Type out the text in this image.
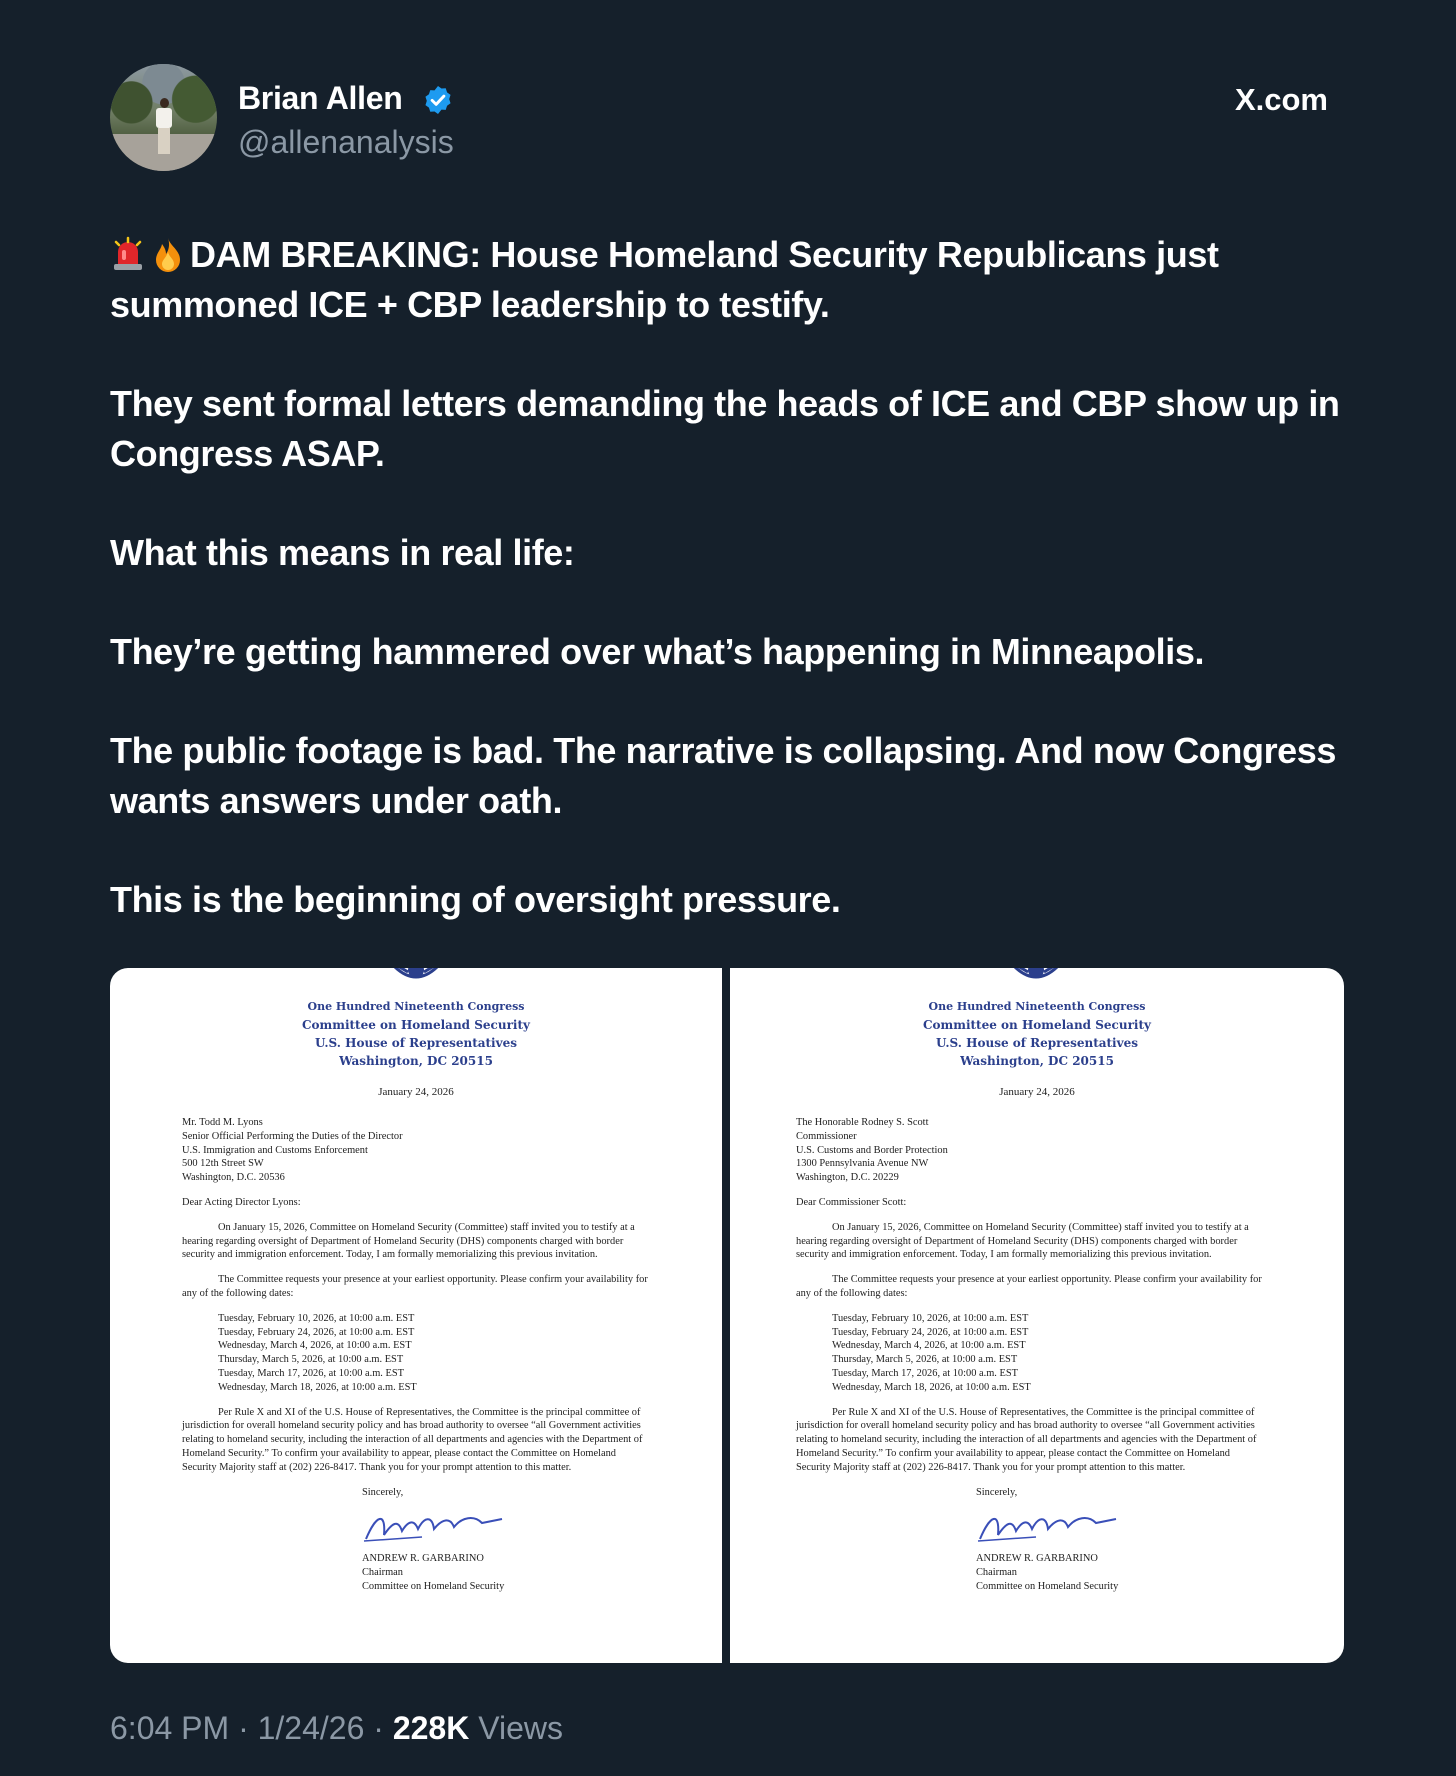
Brian Allen
@allenanalysis
X.com

DAM BREAKING: House Homeland Security Republicans just summoned ICE + CBP leadership to testify.

They sent formal letters demanding the heads of ICE and CBP show up in Congress ASAP.

What this means in real life:

They’re getting hammered over what’s happening in Minneapolis.

The public footage is bad. The narrative is collapsing. And now Congress wants answers under oath.

This is the beginning of oversight pressure.

One Hundred Nineteenth Congress
Committee on Homeland Security
U.S. House of Representatives
Washington, DC 20515
January 24, 2026
Mr. Todd M. Lyons
Senior Official Performing the Duties of the Director
U.S. Immigration and Customs Enforcement
500 12th Street SW
Washington, D.C. 20536
Dear Acting Director Lyons:
On January 15, 2026, Committee on Homeland Security (Committee) staff invited you to testify at a hearing regarding oversight of Department of Homeland Security (DHS) components charged with border security and immigration enforcement. Today, I am formally memorializing this previous invitation.
The Committee requests your presence at your earliest opportunity. Please confirm your availability for any of the following dates:
Tuesday, February 10, 2026, at 10:00 a.m. EST
Tuesday, February 24, 2026, at 10:00 a.m. EST
Wednesday, March 4, 2026, at 10:00 a.m. EST
Thursday, March 5, 2026, at 10:00 a.m. EST
Tuesday, March 17, 2026, at 10:00 a.m. EST
Wednesday, March 18, 2026, at 10:00 a.m. EST
Per Rule X and XI of the U.S. House of Representatives, the Committee is the principal committee of jurisdiction for overall homeland security policy and has broad authority to oversee “all Government activities relating to homeland security, including the interaction of all departments and agencies with the Department of Homeland Security.” To confirm your availability to appear, please contact the Committee on Homeland Security Majority staff at (202) 226-8417. Thank you for your prompt attention to this matter.
Sincerely,
ANDREW R. GARBARINO
Chairman
Committee on Homeland Security
One Hundred Nineteenth Congress
Committee on Homeland Security
U.S. House of Representatives
Washington, DC 20515
January 24, 2026
The Honorable Rodney S. Scott
Commissioner
U.S. Customs and Border Protection
1300 Pennsylvania Avenue NW
Washington, D.C. 20229
Dear Commissioner Scott:
On January 15, 2026, Committee on Homeland Security (Committee) staff invited you to testify at a hearing regarding oversight of Department of Homeland Security (DHS) components charged with border security and immigration enforcement. Today, I am formally memorializing this previous invitation.
The Committee requests your presence at your earliest opportunity. Please confirm your availability for any of the following dates:
Tuesday, February 10, 2026, at 10:00 a.m. EST
Tuesday, February 24, 2026, at 10:00 a.m. EST
Wednesday, March 4, 2026, at 10:00 a.m. EST
Thursday, March 5, 2026, at 10:00 a.m. EST
Tuesday, March 17, 2026, at 10:00 a.m. EST
Wednesday, March 18, 2026, at 10:00 a.m. EST
Per Rule X and XI of the U.S. House of Representatives, the Committee is the principal committee of jurisdiction for overall homeland security policy and has broad authority to oversee “all Government activities relating to homeland security, including the interaction of all departments and agencies with the Department of Homeland Security.” To confirm your availability to appear, please contact the Committee on Homeland Security Majority staff at (202) 226-8417. Thank you for your prompt attention to this matter.
Sincerely,
ANDREW R. GARBARINO
Chairman
Committee on Homeland Security
6:04 PM · 1/24/26 · 228K Views
